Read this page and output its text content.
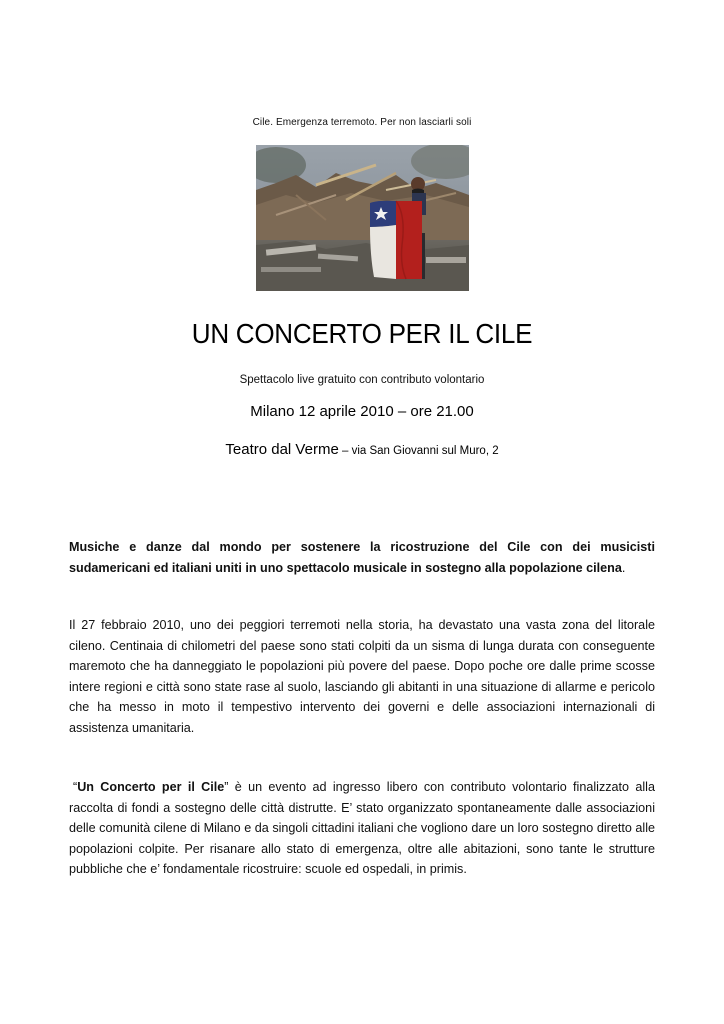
Cile. Emergenza terremoto. Per non lasciarli soli
UN CONCERTO PER IL CILE
Spettacolo live gratuito con contributo volontario
Milano 12 aprile 2010 – ore 21.00
Teatro dal Verme – via San Giovanni sul Muro, 2
Musiche e danze dal mondo per sostenere la ricostruzione del Cile con dei musicisti sudamericani ed italiani uniti in uno spettacolo musicale in sostegno alla popolazione cilena.
Il 27 febbraio 2010, uno dei peggiori terremoti nella storia, ha devastato una vasta zona del litorale cileno. Centinaia di chilometri del paese sono stati colpiti da un sisma di lunga durata con conseguente maremoto che ha danneggiato le popolazioni più povere del paese. Dopo poche ore dalle prime scosse intere regioni e città sono state rase al suolo, lasciando gli abitanti in una situazione di allarme e pericolo che ha messo in moto il tempestivo intervento dei governi e delle associazioni internazionali di assistenza umanitaria.
“Un Concerto per il Cile” è un evento ad ingresso libero con contributo volontario finalizzato alla raccolta di fondi a sostegno delle città distrutte. E’ stato organizzato spontaneamente dalle associazioni delle comunità cilene di Milano e da singoli cittadini italiani che vogliono dare un loro sostegno diretto alle popolazioni colpite. Per risanare allo stato di emergenza, oltre alle abitazioni, sono tante le strutture pubbliche che e’ fondamentale ricostruire: scuole ed ospedali, in primis.
